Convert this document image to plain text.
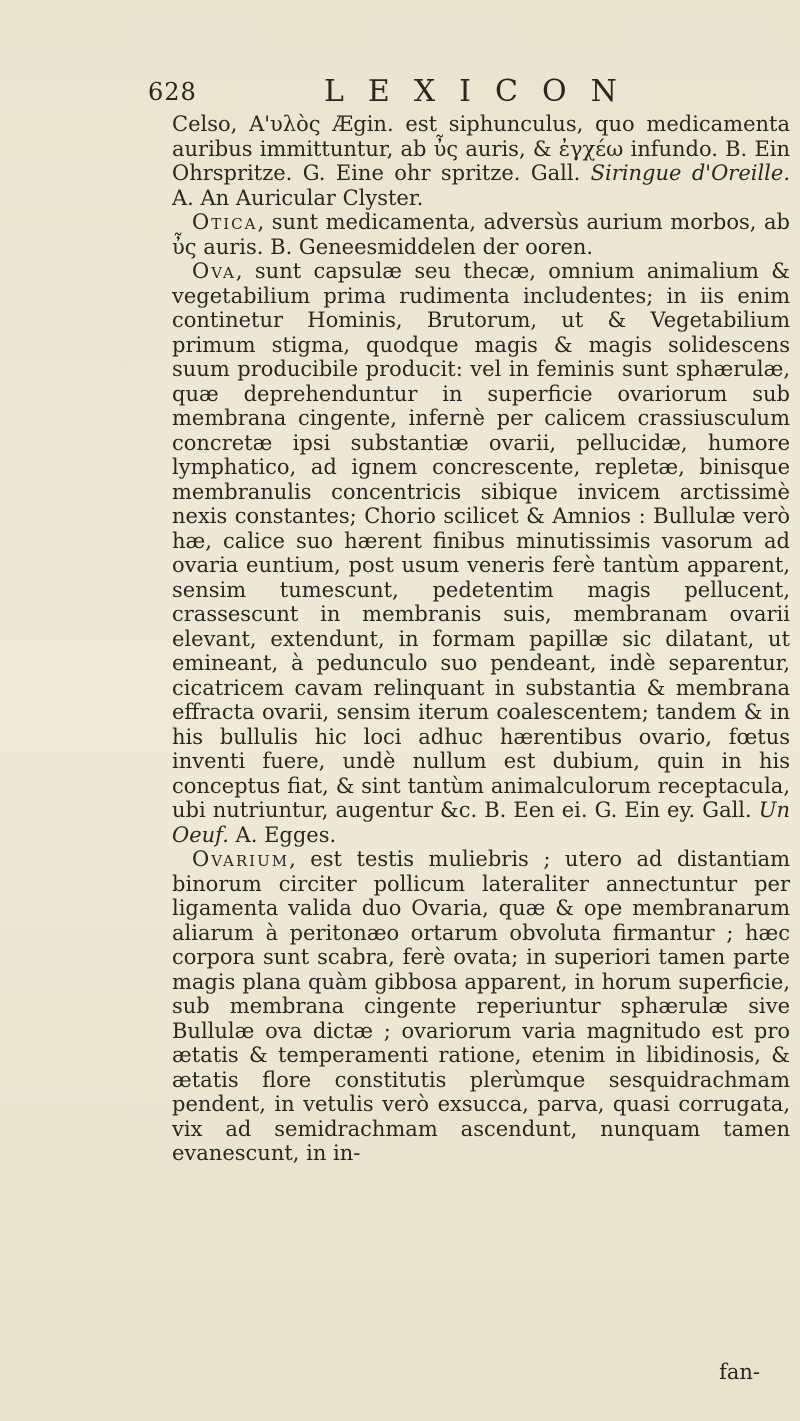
628	LEXICON

Celso, A'υλὸς Ægin. est siphunculus, quo medicamenta auribus immittuntur, ab ὖς auris, & ἐγχέω infundo. B. Ein Ohrspritze. G. Eine ohr spritze. Gall. Siringue d'Oreille. A. An Auricular Clyster.

Otica, sunt medicamenta, adversùs aurium morbos, ab ὖς auris. B. Geneesmiddelen der ooren.

Ova, sunt capsulæ seu thecæ, omnium animalium & vegetabilium prima rudimenta includentes; in iis enim continetur Hominis, Brutorum, ut & Vegetabilium primum stigma, quodque magis & magis solidescens suum producibile producit: vel in feminis sunt sphærulæ, quæ deprehenduntur in superficie ovariorum sub membrana cingente, infernè per calicem crassiusculum concretæ ipsi substantiæ ovarii, pellucidæ, humore lymphatico, ad ignem concrescente, repletæ, binisque membranulis concentricis sibique invicem arctissimè nexis constantes; Chorio scilicet & Amnios : Bullulæ verò hæ, calice suo hærent finibus minutissimis vasorum ad ovaria euntium, post usum veneris ferè tantùm apparent, sensim tumescunt, pedetentim magis pellucent, crassescunt in membranis suis, membranam ovarii elevant, extendunt, in formam papillæ sic dilatant, ut emineant, à pedunculo suo pendeant, indè separentur, cicatricem cavam relinquant in substantia & membrana effracta ovarii, sensim iterum coalescentem; tandem & in his bullulis hic loci adhuc hærentibus ovario, fœtus inventi fuere, undè nullum est dubium, quin in his conceptus fiat, & sint tantùm animalculorum receptacula, ubi nutriuntur, augentur &c. B. Een ei. G. Ein ey. Gall. Un Oeuf. A. Egges.

Ovarium, est testis muliebris ; utero ad distantiam binorum circiter pollicum lateraliter annectuntur per ligamenta valida duo Ovaria, quæ & ope membranarum aliarum à peritonæo ortarum obvoluta firmantur ; hæc corpora sunt scabra, ferè ovata; in superiori tamen parte magis plana quàm gibbosa apparent, in horum superficie, sub membrana cingente reperiuntur sphærulæ sive Bullulæ ova dictæ ; ovariorum varia magnitudo est pro ætatis & temperamenti ratione, etenim in libidinosis, & ætatis flore constitutis plerùmque sesquidrachmam pendent, in vetulis verò exsucca, parva, quasi corrugata, vix ad semidrachmam ascendunt, nunquam tamen evanescunt, in in-

fan-
